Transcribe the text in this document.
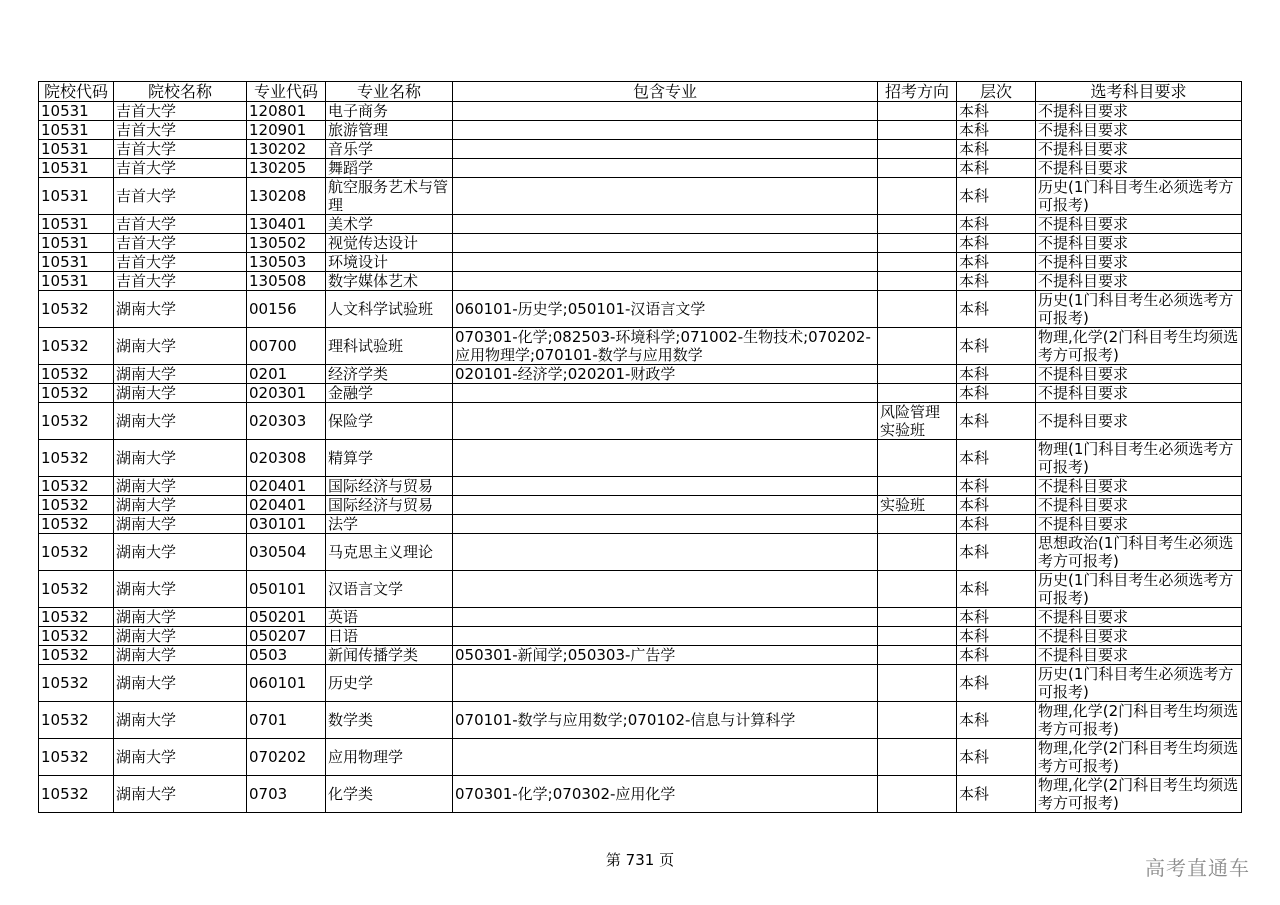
院校代码	院校名称	专业代码	专业名称	包含专业	招考方向	层次	选考科目要求
10531	吉首大学	120801	电子商务			本科	不提科目要求
10531	吉首大学	120901	旅游管理			本科	不提科目要求
10531	吉首大学	130202	音乐学			本科	不提科目要求
10531	吉首大学	130205	舞蹈学			本科	不提科目要求
10531	吉首大学	130208	航空服务艺术与管理			本科	历史(1门科目考生必须选考方可报考)
10531	吉首大学	130401	美术学			本科	不提科目要求
10531	吉首大学	130502	视觉传达设计			本科	不提科目要求
10531	吉首大学	130503	环境设计			本科	不提科目要求
10531	吉首大学	130508	数字媒体艺术			本科	不提科目要求
10532	湖南大学	00156	人文科学试验班	060101-历史学;050101-汉语言文学		本科	历史(1门科目考生必须选考方可报考)
10532	湖南大学	00700	理科试验班	070301-化学;082503-环境科学;071002-生物技术;070202-应用物理学;070101-数学与应用数学		本科	物理,化学(2门科目考生均须选考方可报考)
10532	湖南大学	0201	经济学类	020101-经济学;020201-财政学		本科	不提科目要求
10532	湖南大学	020301	金融学			本科	不提科目要求
10532	湖南大学	020303	保险学		风险管理实验班	本科	不提科目要求
10532	湖南大学	020308	精算学			本科	物理(1门科目考生必须选考方可报考)
10532	湖南大学	020401	国际经济与贸易			本科	不提科目要求
10532	湖南大学	020401	国际经济与贸易		实验班	本科	不提科目要求
10532	湖南大学	030101	法学			本科	不提科目要求
10532	湖南大学	030504	马克思主义理论			本科	思想政治(1门科目考生必须选考方可报考)
10532	湖南大学	050101	汉语言文学			本科	历史(1门科目考生必须选考方可报考)
10532	湖南大学	050201	英语			本科	不提科目要求
10532	湖南大学	050207	日语			本科	不提科目要求
10532	湖南大学	0503	新闻传播学类	050301-新闻学;050303-广告学		本科	不提科目要求
10532	湖南大学	060101	历史学			本科	历史(1门科目考生必须选考方可报考)
10532	湖南大学	0701	数学类	070101-数学与应用数学;070102-信息与计算科学		本科	物理,化学(2门科目考生均须选考方可报考)
10532	湖南大学	070202	应用物理学			本科	物理,化学(2门科目考生均须选考方可报考)
10532	湖南大学	0703	化学类	070301-化学;070302-应用化学		本科	物理,化学(2门科目考生均须选考方可报考)
第 731 页	高考直通车
